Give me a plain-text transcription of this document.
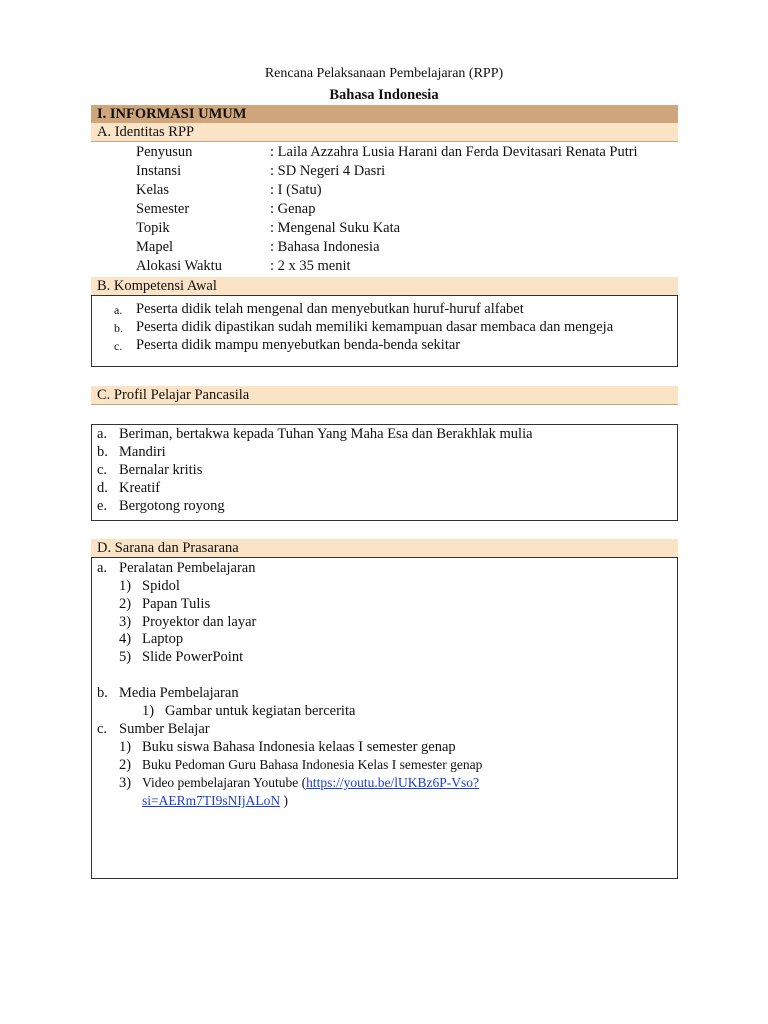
Rencana Pelaksanaan Pembelajaran (RPP)
Bahasa Indonesia
I. INFORMASI UMUM
A. Identitas RPP
Penyusun	: Laila Azzahra Lusia Harani dan Ferda Devitasari Renata Putri
Instansi	: SD Negeri 4 Dasri
Kelas	: I (Satu)
Semester	: Genap
Topik	: Mengenal Suku Kata
Mapel	: Bahasa Indonesia
Alokasi Waktu	: 2 x 35 menit
B. Kompetensi Awal
a. Peserta didik telah mengenal dan menyebutkan huruf-huruf alfabet
b. Peserta didik dipastikan sudah memiliki kemampuan dasar membaca dan mengeja
c. Peserta didik mampu menyebutkan benda-benda sekitar
C. Profil Pelajar Pancasila
a. Beriman, bertakwa kepada Tuhan Yang Maha Esa dan Berakhlak mulia
b. Mandiri
c. Bernalar kritis
d. Kreatif
e. Bergotong royong
D. Sarana dan Prasarana
a. Peralatan Pembelajaran
1) Spidol
2) Papan Tulis
3) Proyektor dan layar
4) Laptop
5) Slide PowerPoint
b. Media Pembelajaran
1) Gambar untuk kegiatan bercerita
c. Sumber Belajar
1) Buku siswa Bahasa Indonesia kelaas I semester genap
2) Buku Pedoman Guru Bahasa Indonesia Kelas I semester genap
3) Video pembelajaran Youtube (https://youtu.be/lUKBz6P-Vso?
si=AERm7TI9sNIjALoN )
